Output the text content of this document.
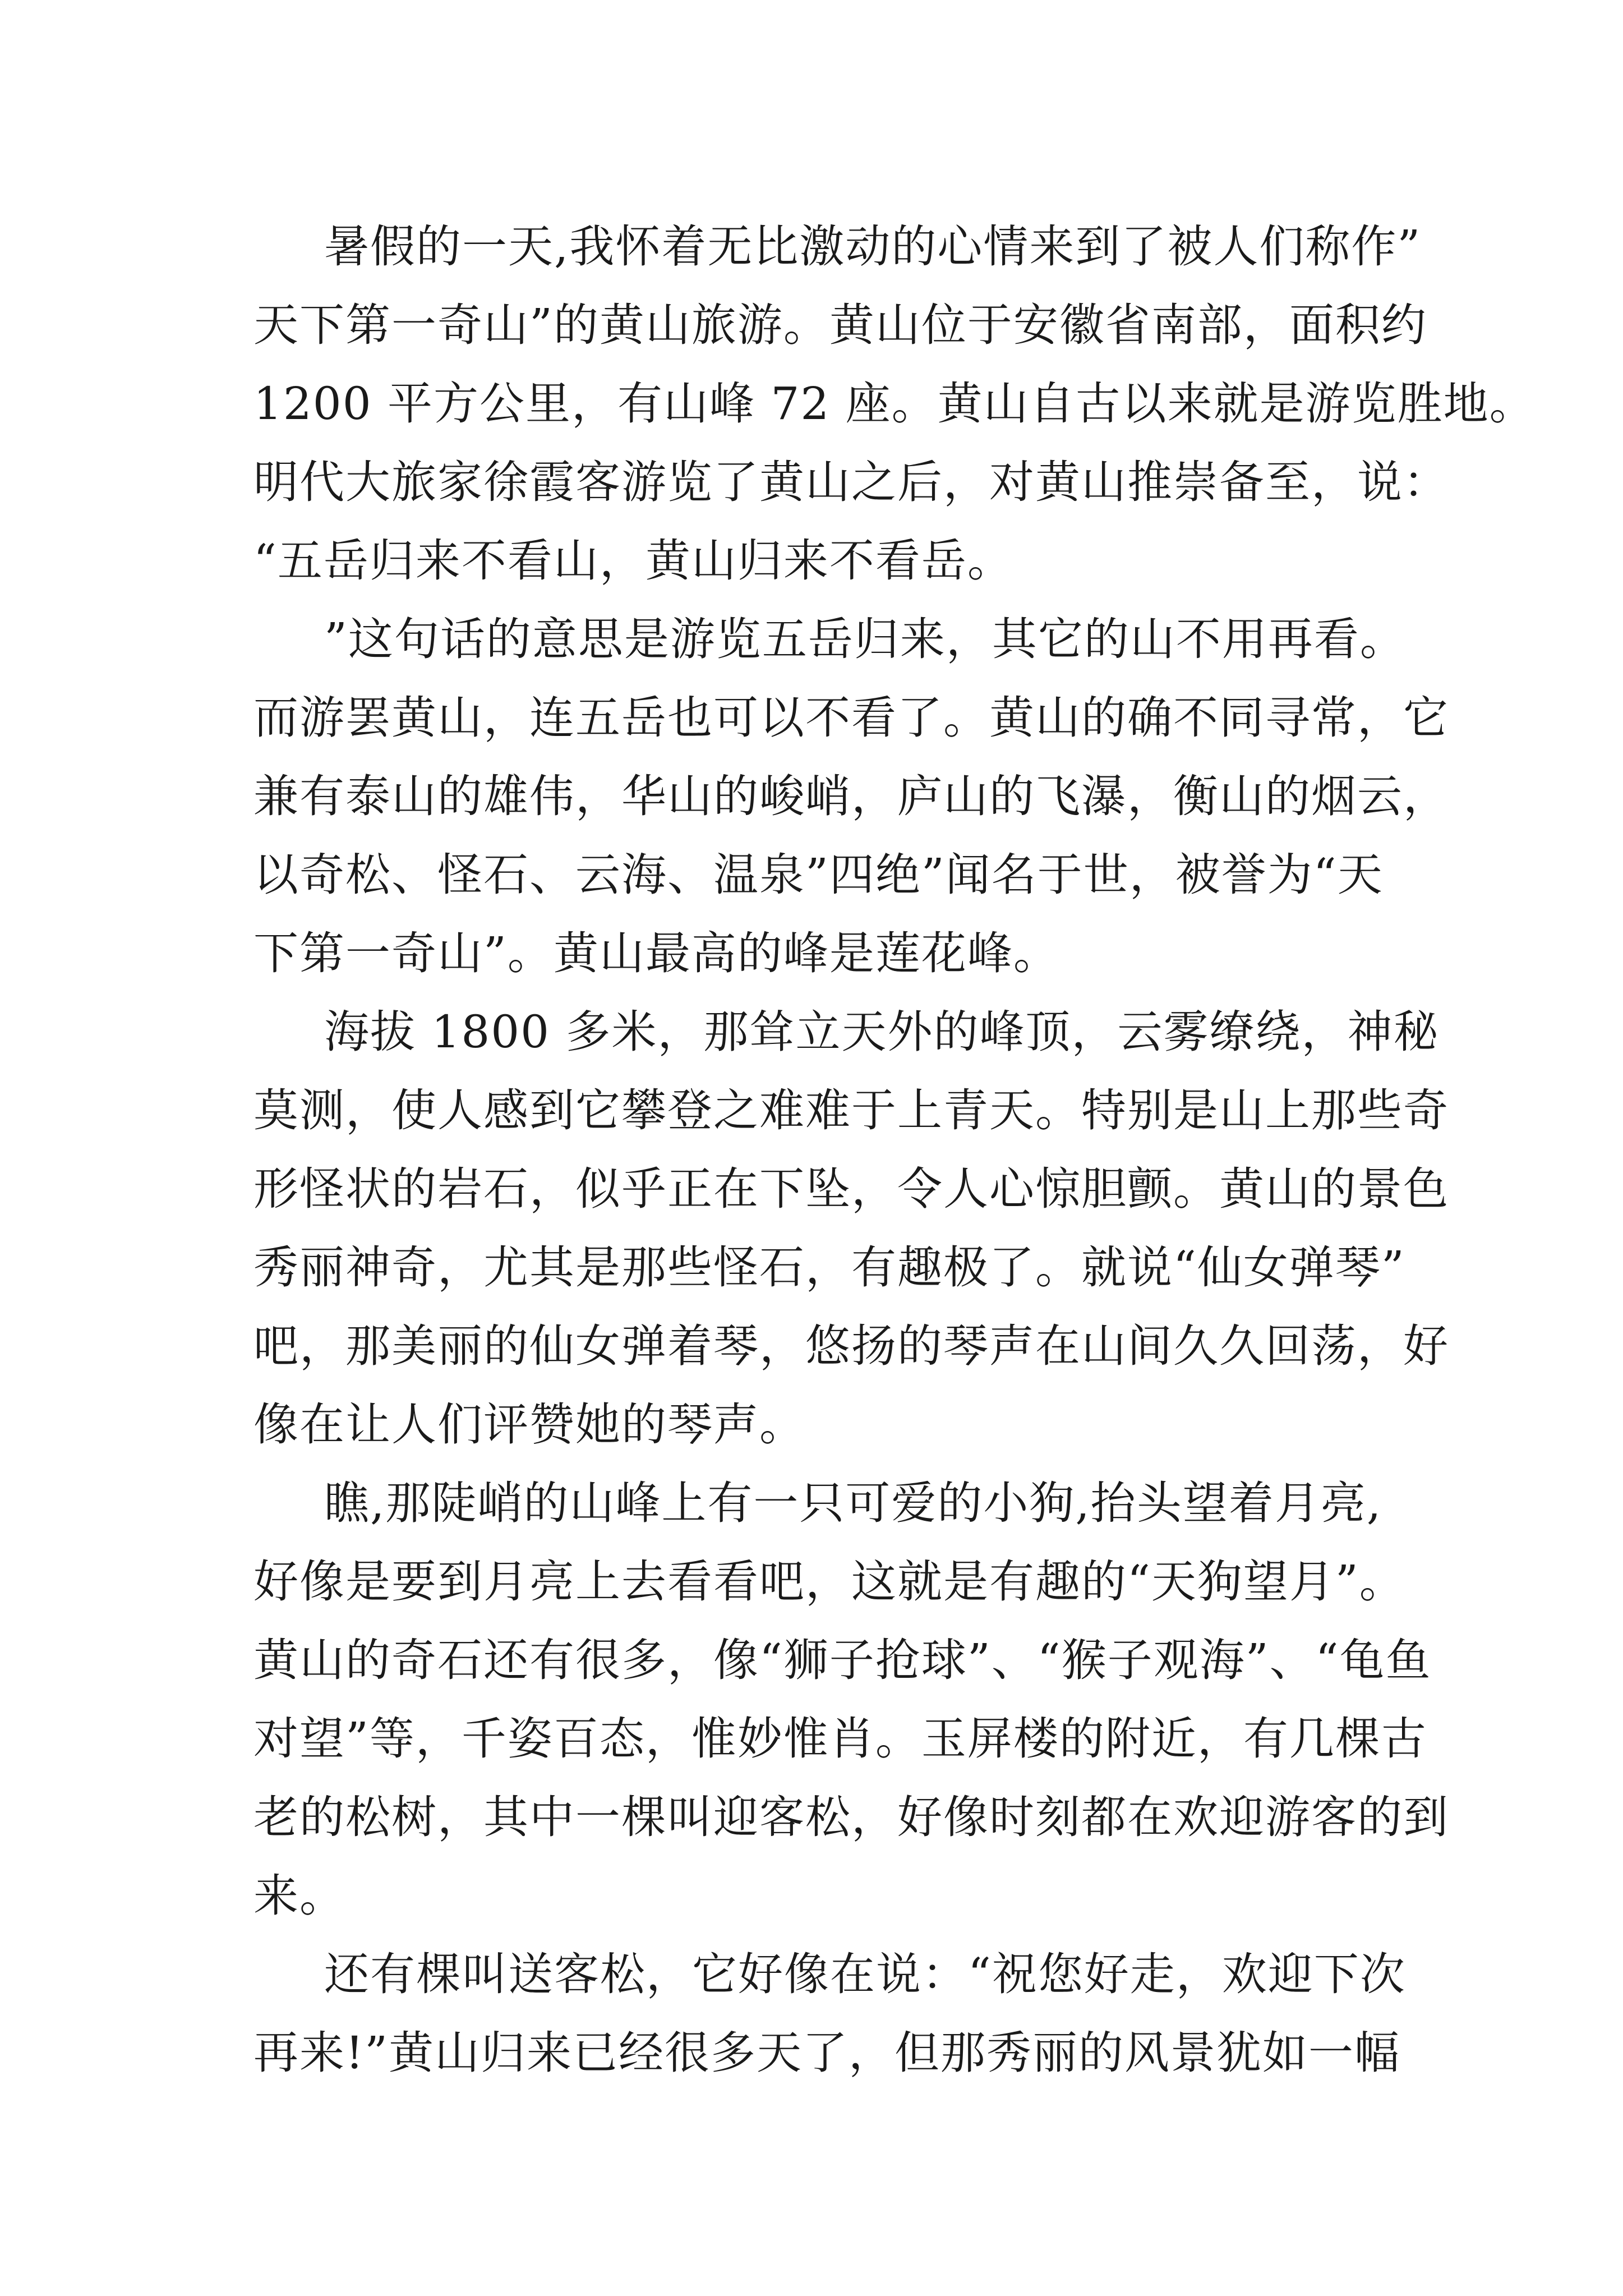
暑假的一天,我怀着无比激动的心情来到了被人们称作”
天下第一奇山”的黄山旅游。黄山位于安徽省南部，面积约
1200 平方公里，有山峰 72 座。黄山自古以来就是游览胜地。
明代大旅家徐霞客游览了黄山之后，对黄山推崇备至，说：
“五岳归来不看山，黄山归来不看岳。
”这句话的意思是游览五岳归来，其它的山不用再看。
而游罢黄山，连五岳也可以不看了。黄山的确不同寻常，它
兼有泰山的雄伟，华山的峻峭，庐山的飞瀑，衡山的烟云，
以奇松、怪石、云海、温泉”四绝”闻名于世，被誉为“天
下第一奇山”。黄山最高的峰是莲花峰。
海拔 1800 多米，那耸立天外的峰顶，云雾缭绕，神秘
莫测，使人感到它攀登之难难于上青天。特别是山上那些奇
形怪状的岩石，似乎正在下坠，令人心惊胆颤。黄山的景色
秀丽神奇，尤其是那些怪石，有趣极了。就说“仙女弹琴”
吧，那美丽的仙女弹着琴，悠扬的琴声在山间久久回荡，好
像在让人们评赞她的琴声。
瞧,那陡峭的山峰上有一只可爱的小狗,抬头望着月亮,
好像是要到月亮上去看看吧，这就是有趣的“天狗望月”。
黄山的奇石还有很多，像“狮子抢球”、“猴子观海”、“龟鱼
对望”等，千姿百态，惟妙惟肖。玉屏楼的附近，有几棵古
老的松树，其中一棵叫迎客松，好像时刻都在欢迎游客的到
来。
还有棵叫送客松，它好像在说：“祝您好走，欢迎下次
再来!”黄山归来已经很多天了，但那秀丽的风景犹如一幅
